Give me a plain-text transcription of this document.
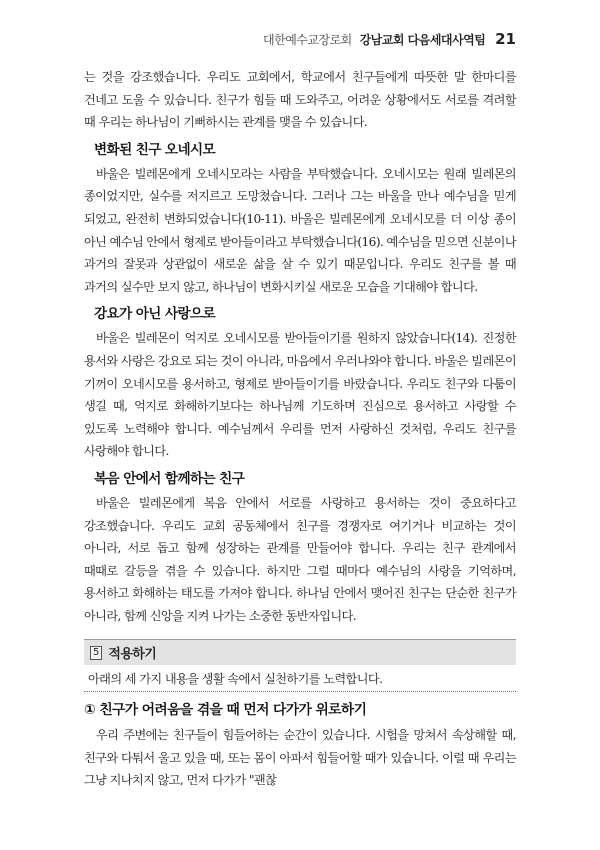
대한예수교장로회 강남교회 다음세대사역팀 21

는 것을 강조했습니다. 우리도 교회에서, 학교에서 친구들에게 따뜻한 말 한마디를 건네고 도울 수 있습니다. 친구가 힘들 때 도와주고, 어려운 상황에서도 서로를 격려할 때 우리는 하나님이 기뻐하시는 관계를 맺을 수 있습니다.

변화된 친구 오네시모

바울은 빌레몬에게 오네시모라는 사람을 부탁했습니다. 오네시모는 원래 빌레몬의 종이었지만, 실수를 저지르고 도망쳤습니다. 그러나 그는 바울을 만나 예수님을 믿게 되었고, 완전히 변화되었습니다(10-11). 바울은 빌레몬에게 오네시모를 더 이상 종이 아닌 예수님 안에서 형제로 받아들이라고 부탁했습니다(16). 예수님을 믿으면 신분이나 과거의 잘못과 상관없이 새로운 삶을 살 수 있기 때문입니다. 우리도 친구를 볼 때 과거의 실수만 보지 않고, 하나님이 변화시키실 새로운 모습을 기대해야 합니다.

강요가 아닌 사랑으로

바울은 빌레몬이 억지로 오네시모를 받아들이기를 원하지 않았습니다(14). 진정한 용서와 사랑은 강요로 되는 것이 아니라, 마음에서 우러나와야 합니다. 바울은 빌레몬이 기꺼이 오네시모를 용서하고, 형제로 받아들이기를 바랐습니다. 우리도 친구와 다툼이 생길 때, 억지로 화해하기보다는 하나님께 기도하며 진심으로 용서하고 사랑할 수 있도록 노력해야 합니다. 예수님께서 우리를 먼저 사랑하신 것처럼, 우리도 친구를 사랑해야 합니다.

복음 안에서 함께하는 친구

바울은 빌레몬에게 복음 안에서 서로를 사랑하고 용서하는 것이 중요하다고 강조했습니다. 우리도 교회 공동체에서 친구를 경쟁자로 여기거나 비교하는 것이 아니라, 서로 돕고 함께 성장하는 관계를 만들어야 합니다. 우리는 친구 관계에서 때때로 갈등을 겪을 수 있습니다. 하지만 그럴 때마다 예수님의 사랑을 기억하며, 용서하고 화해하는 태도를 가져야 합니다. 하나님 안에서 맺어진 친구는 단순한 친구가 아니라, 함께 신앙을 지켜 나가는 소중한 동반자입니다.

5 적용하기

아래의 세 가지 내용을 생활 속에서 실천하기를 노력합니다.

① 친구가 어려움을 겪을 때 먼저 다가가 위로하기

우리 주변에는 친구들이 힘들어하는 순간이 있습니다. 시험을 망쳐서 속상해할 때, 친구와 다퉈서 울고 있을 때, 또는 몸이 아파서 힘들어할 때가 있습니다. 이럴 때 우리는 그냥 지나치지 않고, 먼저 다가가 "괜찮
